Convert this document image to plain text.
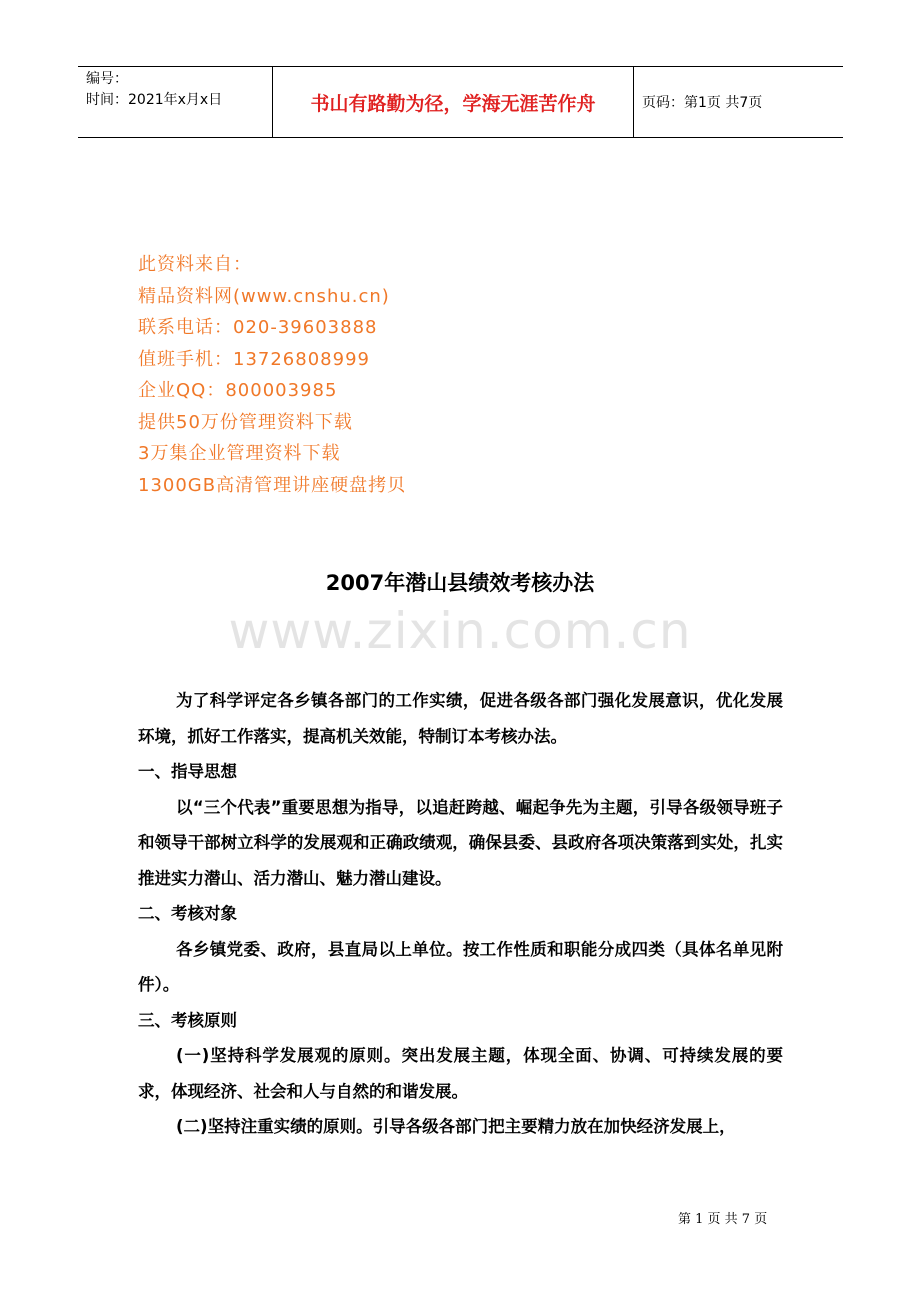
编号：
时间：2021年x月x日	书山有路勤为径，学海无涯苦作舟	页码：第1页 共7页
此资料来自：
精品资料网(www.cnshu.cn)
联系电话：020-39603888
值班手机：13726808999
企业QQ：800003985
提供50万份管理资料下载
3万集企业管理资料下载
1300GB高清管理讲座硬盘拷贝
2007年潜山县绩效考核办法
www.zixin.com.cn

为了科学评定各乡镇各部门的工作实绩，促进各级各部门强化发展意识，优化发展环境，抓好工作落实，提高机关效能，特制订本考核办法。

一、指导思想

以“三个代表”重要思想为指导，以追赶跨越、崛起争先为主题，引导各级领导班子和领导干部树立科学的发展观和正确政绩观，确保县委、县政府各项决策落到实处，扎实推进实力潜山、活力潜山、魅力潜山建设。

二、考核对象

各乡镇党委、政府，县直局以上单位。按工作性质和职能分成四类（具体名单见附件）。

三、考核原则

(一)坚持科学发展观的原则。突出发展主题，体现全面、协调、可持续发展的要求，体现经济、社会和人与自然的和谐发展。

(二)坚持注重实绩的原则。引导各级各部门把主要精力放在加快经济发展上，

第 1 页 共 7 页
